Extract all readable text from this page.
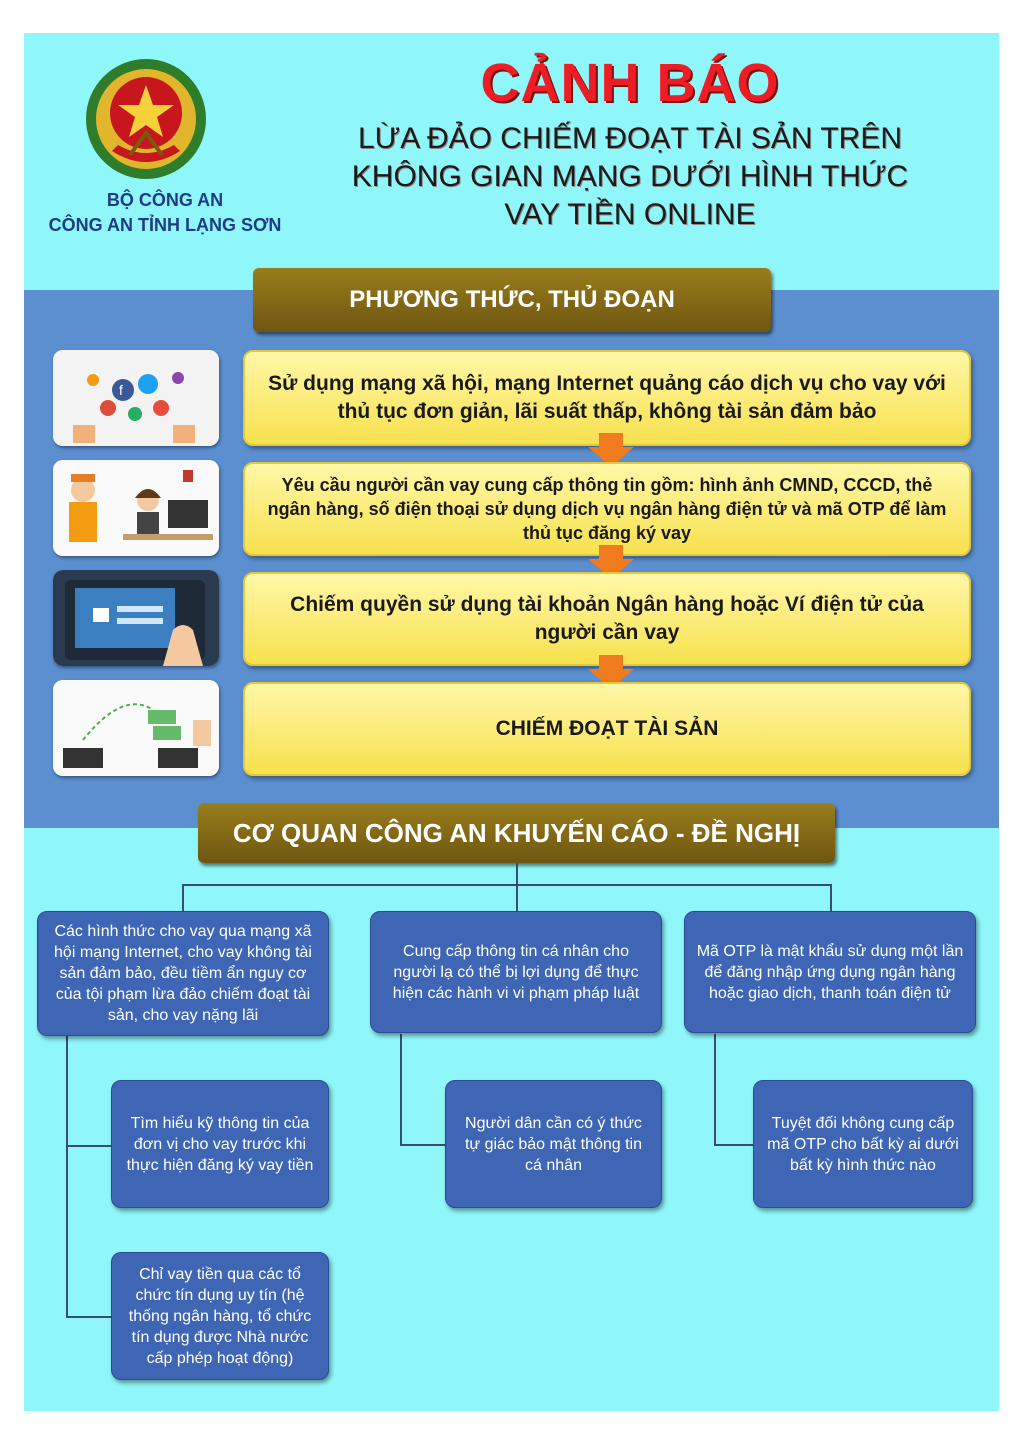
BỘ CÔNG AN
CÔNG AN TỈNH LẠNG SƠN
CẢNH BÁO
LỪA ĐẢO CHIẾM ĐOẠT TÀI SẢN TRÊN
KHÔNG GIAN MẠNG DƯỚI HÌNH THỨC
VAY TIỀN ONLINE
PHƯƠNG THỨC, THỦ ĐOẠN
f	Sử dụng mạng xã hội, mạng Internet quảng cáo dịch vụ cho vay với thủ tục đơn giản, lãi suất thấp, không tài sản đảm bảo
Yêu cầu người cần vay cung cấp thông tin gồm: hình ảnh CMND, CCCD, thẻ ngân hàng, số điện thoại sử dụng dịch vụ ngân hàng điện tử và mã OTP để làm thủ tục đăng ký vay
Chiếm quyền sử dụng tài khoản Ngân hàng hoặc Ví điện tử của người cần vay
CHIẾM ĐOẠT TÀI SẢN
CƠ QUAN CÔNG AN KHUYẾN CÁO - ĐỀ NGHỊ
Các hình thức cho vay qua mạng xã hội mạng Internet, cho vay không tài sản đảm bảo, đều tiềm ẩn nguy cơ của tội phạm lừa đảo chiếm đoạt tài sản, cho vay nặng lãi
Tìm hiểu kỹ thông tin của đơn vị cho vay trước khi thực hiện đăng ký vay tiền
Chỉ vay tiền qua các tổ chức tín dụng uy tín (hệ thống ngân hàng, tổ chức tín dụng được Nhà nước cấp phép hoạt động)
Cung cấp thông tin cá nhân cho người lạ có thể bị lợi dụng để thực hiện các hành vi vi phạm pháp luật
Người dân cần có ý thức tự giác bảo mật thông tin cá nhân
Mã OTP là mật khẩu sử dụng một lần để đăng nhập ứng dụng ngân hàng hoặc giao dịch, thanh toán điện tử
Tuyệt đối không cung cấp mã OTP cho bất kỳ ai dưới bất kỳ hình thức nào
